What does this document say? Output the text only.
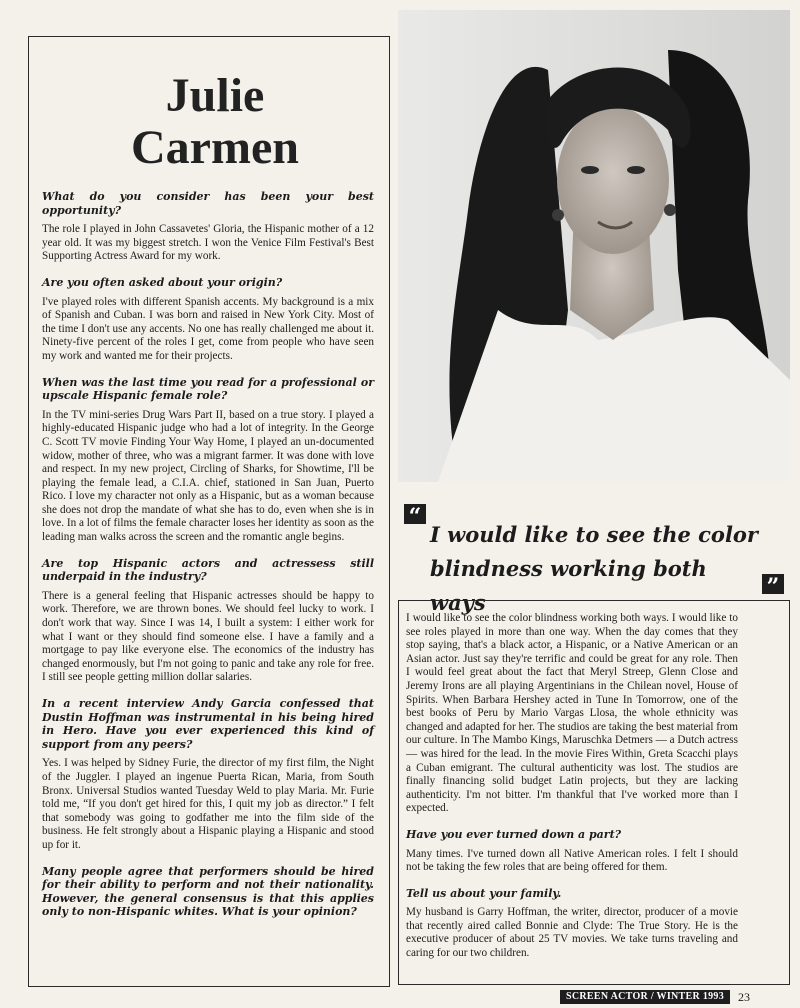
Julie
Carmen

What do you consider has been your best opportunity?

The role I played in John Cassavetes' Gloria, the Hispanic mother of a 12 year old. It was my biggest stretch. I won the Venice Film Festival's Best Supporting Actress Award for my work.

Are you often asked about your origin?

I've played roles with different Spanish accents. My background is a mix of Spanish and Cuban. I was born and raised in New York City. Most of the time I don't use any accents. No one has really challenged me about it. Ninety-five percent of the roles I get, come from people who have seen my work and wanted me for their projects.

When was the last time you read for a professional or upscale Hispanic female role?

In the TV mini-series Drug Wars Part II, based on a true story. I played a highly-educated Hispanic judge who had a lot of integrity. In the George C. Scott TV movie Finding Your Way Home, I played an un-documented widow, mother of three, who was a migrant farmer. It was done with love and respect. In my new project, Circling of Sharks, for Showtime, I'll be playing the female lead, a C.I.A. chief, stationed in San Juan, Puerto Rico. I love my character not only as a Hispanic, but as a woman because she does not drop the mandate of what she has to do, even when she is in love. In a lot of films the female character loses her identity as soon as the leading man walks across the screen and the romantic angle begins.

Are top Hispanic actors and actressess still underpaid in the industry?

There is a general feeling that Hispanic actresses should be happy to work. Therefore, we are thrown bones. We should feel lucky to work. I don't work that way. Since I was 14, I built a system: I either work for what I want or they should find someone else. I have a family and a mortgage to pay like everyone else. The economics of the industry has changed enormously, but I'm not going to panic and take any role for free. I still see people getting million dollar salaries.

In a recent interview Andy Garcia confessed that Dustin Hoffman was instrumental in his being hired in Hero. Have you ever experienced this kind of support from any peers?

Yes. I was helped by Sidney Furie, the director of my first film, the Night of the Juggler. I played an ingenue Puerta Rican, Maria, from South Bronx. Universal Studios wanted Tuesday Weld to play Maria. Mr. Furie told me, “If you don't get hired for this, I quit my job as director.” I felt that somebody was going to godfather me into the film side of the business. He felt strongly about a Hispanic playing a Hispanic and stood up for it.

Many people agree that performers should be hired for their ability to perform and not their nationality. However, the general consensus is that this applies only to non-Hispanic whites. What is your opinion?

“
I would like to see the color blindness working both ways
”

I would like to see the color blindness working both ways. I would like to see roles played in more than one way. When the day comes that they stop saying, that's a black actor, a Hispanic, or a Native American or an Asian actor. Just say they're terrific and could be great for any role. Then I would feel great about the fact that Meryl Streep, Glenn Close and Jeremy Irons are all playing Argentinians in the Chilean novel, House of Spirits. When Barbara Hershey acted in Tune In Tomorrow, one of the best books of Peru by Mario Vargas Llosa, the whole ethnicity was changed and adapted for her. The studios are taking the best material from our culture. In The Mambo Kings, Maruschka Detmers — a Dutch actress — was hired for the lead. In the movie Fires Within, Greta Scacchi plays a Cuban emigrant. The cultural authenticity was lost. The studios are finally financing solid budget Latin projects, but they are lacking authenticity. I'm not bitter. I'm thankful that I've worked more than I expected.

Have you ever turned down a part?

Many times. I've turned down all Native American roles. I felt I should not be taking the few roles that are being offered for them.

Tell us about your family.

My husband is Garry Hoffman, the writer, director, producer of a movie that recently aired called Bonnie and Clyde: The True Story. He is the executive producer of about 25 TV movies. We take turns traveling and caring for our two children.

SCREEN ACTOR / WINTER 1993 23
